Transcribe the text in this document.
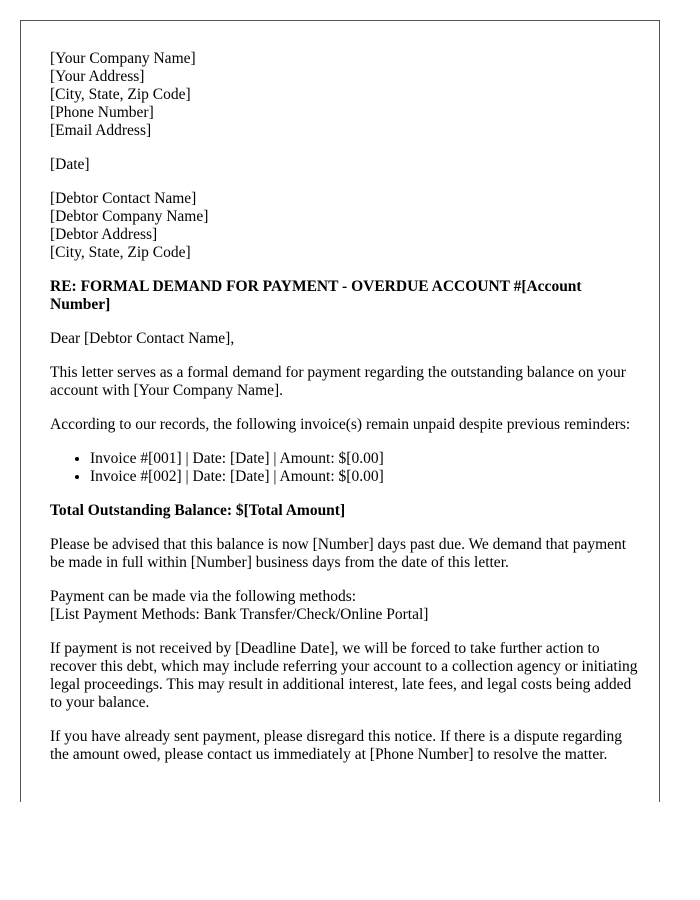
[Your Company Name]
[Your Address]
[City, State, Zip Code]
[Phone Number]
[Email Address]
[Date]
[Debtor Contact Name]
[Debtor Company Name]
[Debtor Address]
[City, State, Zip Code]

RE: FORMAL DEMAND FOR PAYMENT - OVERDUE ACCOUNT #[Account Number]

Dear [Debtor Contact Name],

This letter serves as a formal demand for payment regarding the outstanding balance on your account with [Your Company Name].

According to our records, the following invoice(s) remain unpaid despite previous reminders:

• Invoice #[001] | Date: [Date] | Amount: $[0.00]
• Invoice #[002] | Date: [Date] | Amount: $[0.00]

Total Outstanding Balance: $[Total Amount]

Please be advised that this balance is now [Number] days past due. We demand that payment be made in full within [Number] business days from the date of this letter.

Payment can be made via the following methods:
[List Payment Methods: Bank Transfer/Check/Online Portal]

If payment is not received by [Deadline Date], we will be forced to take further action to recover this debt, which may include referring your account to a collection agency or initiating legal proceedings. This may result in additional interest, late fees, and legal costs being added to your balance.

If you have already sent payment, please disregard this notice. If there is a dispute regarding the amount owed, please contact us immediately at [Phone Number] to resolve the matter.
